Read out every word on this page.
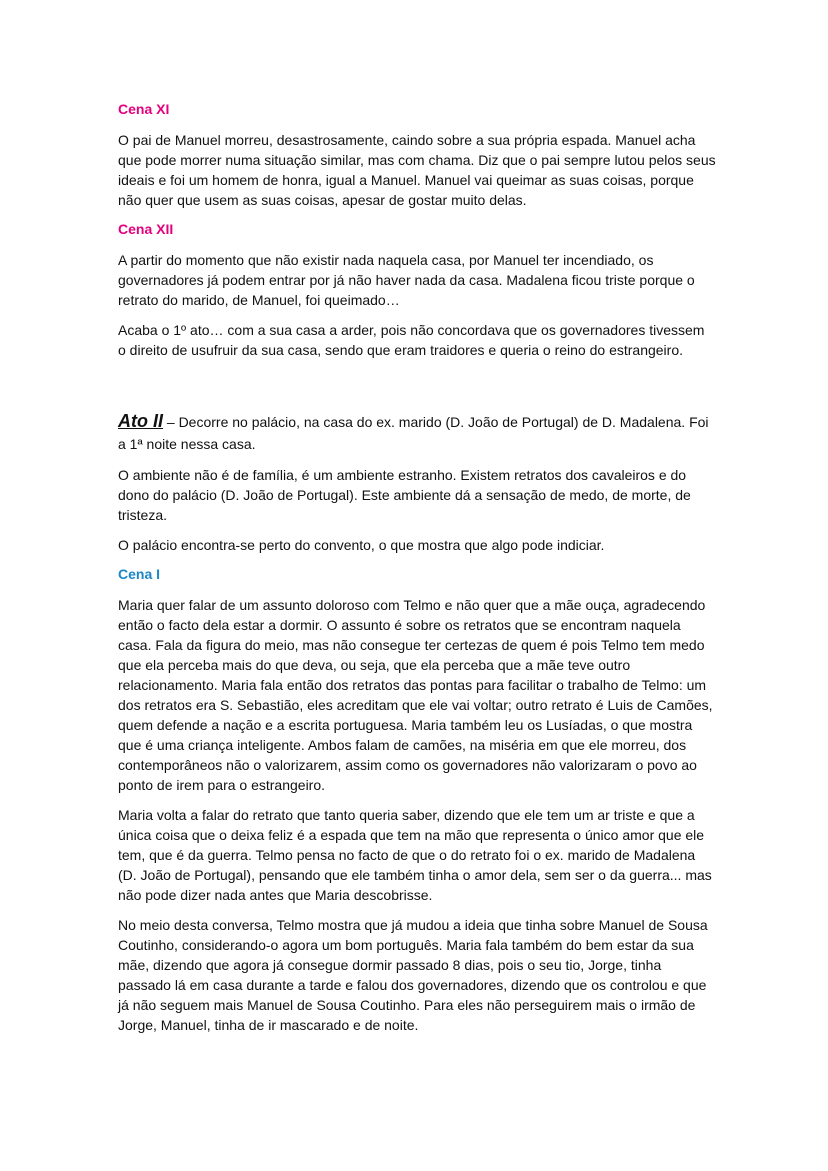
Cena XI

O pai de Manuel morreu, desastrosamente, caindo sobre a sua própria espada. Manuel acha que pode morrer numa situação similar, mas com chama. Diz que o pai sempre lutou pelos seus ideais e foi um homem de honra, igual a Manuel. Manuel vai queimar as suas coisas, porque não quer que usem as suas coisas, apesar de gostar muito delas.

Cena XII

A partir do momento que não existir nada naquela casa, por Manuel ter incendiado, os governadores já podem entrar por já não haver nada da casa. Madalena ficou triste porque o retrato do marido, de Manuel, foi queimado…

Acaba o 1º ato… com a sua casa a arder, pois não concordava que os governadores tivessem o direito de usufruir da sua casa, sendo que eram traidores e queria o reino do estrangeiro.

Ato II – Decorre no palácio, na casa do ex. marido (D. João de Portugal) de D. Madalena. Foi a 1ª noite nessa casa.

O ambiente não é de família, é um ambiente estranho. Existem retratos dos cavaleiros e do dono do palácio (D. João de Portugal). Este ambiente dá a sensação de medo, de morte, de tristeza.

O palácio encontra-se perto do convento, o que mostra que algo pode indiciar.

Cena I

Maria quer falar de um assunto doloroso com Telmo e não quer que a mãe ouça, agradecendo então o facto dela estar a dormir. O assunto é sobre os retratos que se encontram naquela casa. Fala da figura do meio, mas não consegue ter certezas de quem é pois Telmo tem medo que ela perceba mais do que deva, ou seja, que ela perceba que a mãe teve outro relacionamento. Maria fala então dos retratos das pontas para facilitar o trabalho de Telmo: um dos retratos era S. Sebastião, eles acreditam que ele vai voltar; outro retrato é Luis de Camões, quem defende a nação e a escrita portuguesa. Maria também leu os Lusíadas, o que mostra que é uma criança inteligente. Ambos falam de camões, na miséria em que ele morreu, dos contemporâneos não o valorizarem, assim como os governadores não valorizaram o povo ao ponto de irem para o estrangeiro.

Maria volta a falar do retrato que tanto queria saber, dizendo que ele tem um ar triste e que a única coisa que o deixa feliz é a espada que tem na mão que representa o único amor que ele tem, que é da guerra. Telmo pensa no facto de que o do retrato foi o ex. marido de Madalena (D. João de Portugal), pensando que ele também tinha o amor dela, sem ser o da guerra... mas não pode dizer nada antes que Maria descobrisse.

No meio desta conversa, Telmo mostra que já mudou a ideia que tinha sobre Manuel de Sousa Coutinho, considerando-o agora um bom português. Maria fala também do bem estar da sua mãe, dizendo que agora já consegue dormir passado 8 dias, pois o seu tio, Jorge, tinha passado lá em casa durante a tarde e falou dos governadores, dizendo que os controlou e que já não seguem mais Manuel de Sousa Coutinho. Para eles não perseguirem mais o irmão de Jorge, Manuel, tinha de ir mascarado e de noite.
